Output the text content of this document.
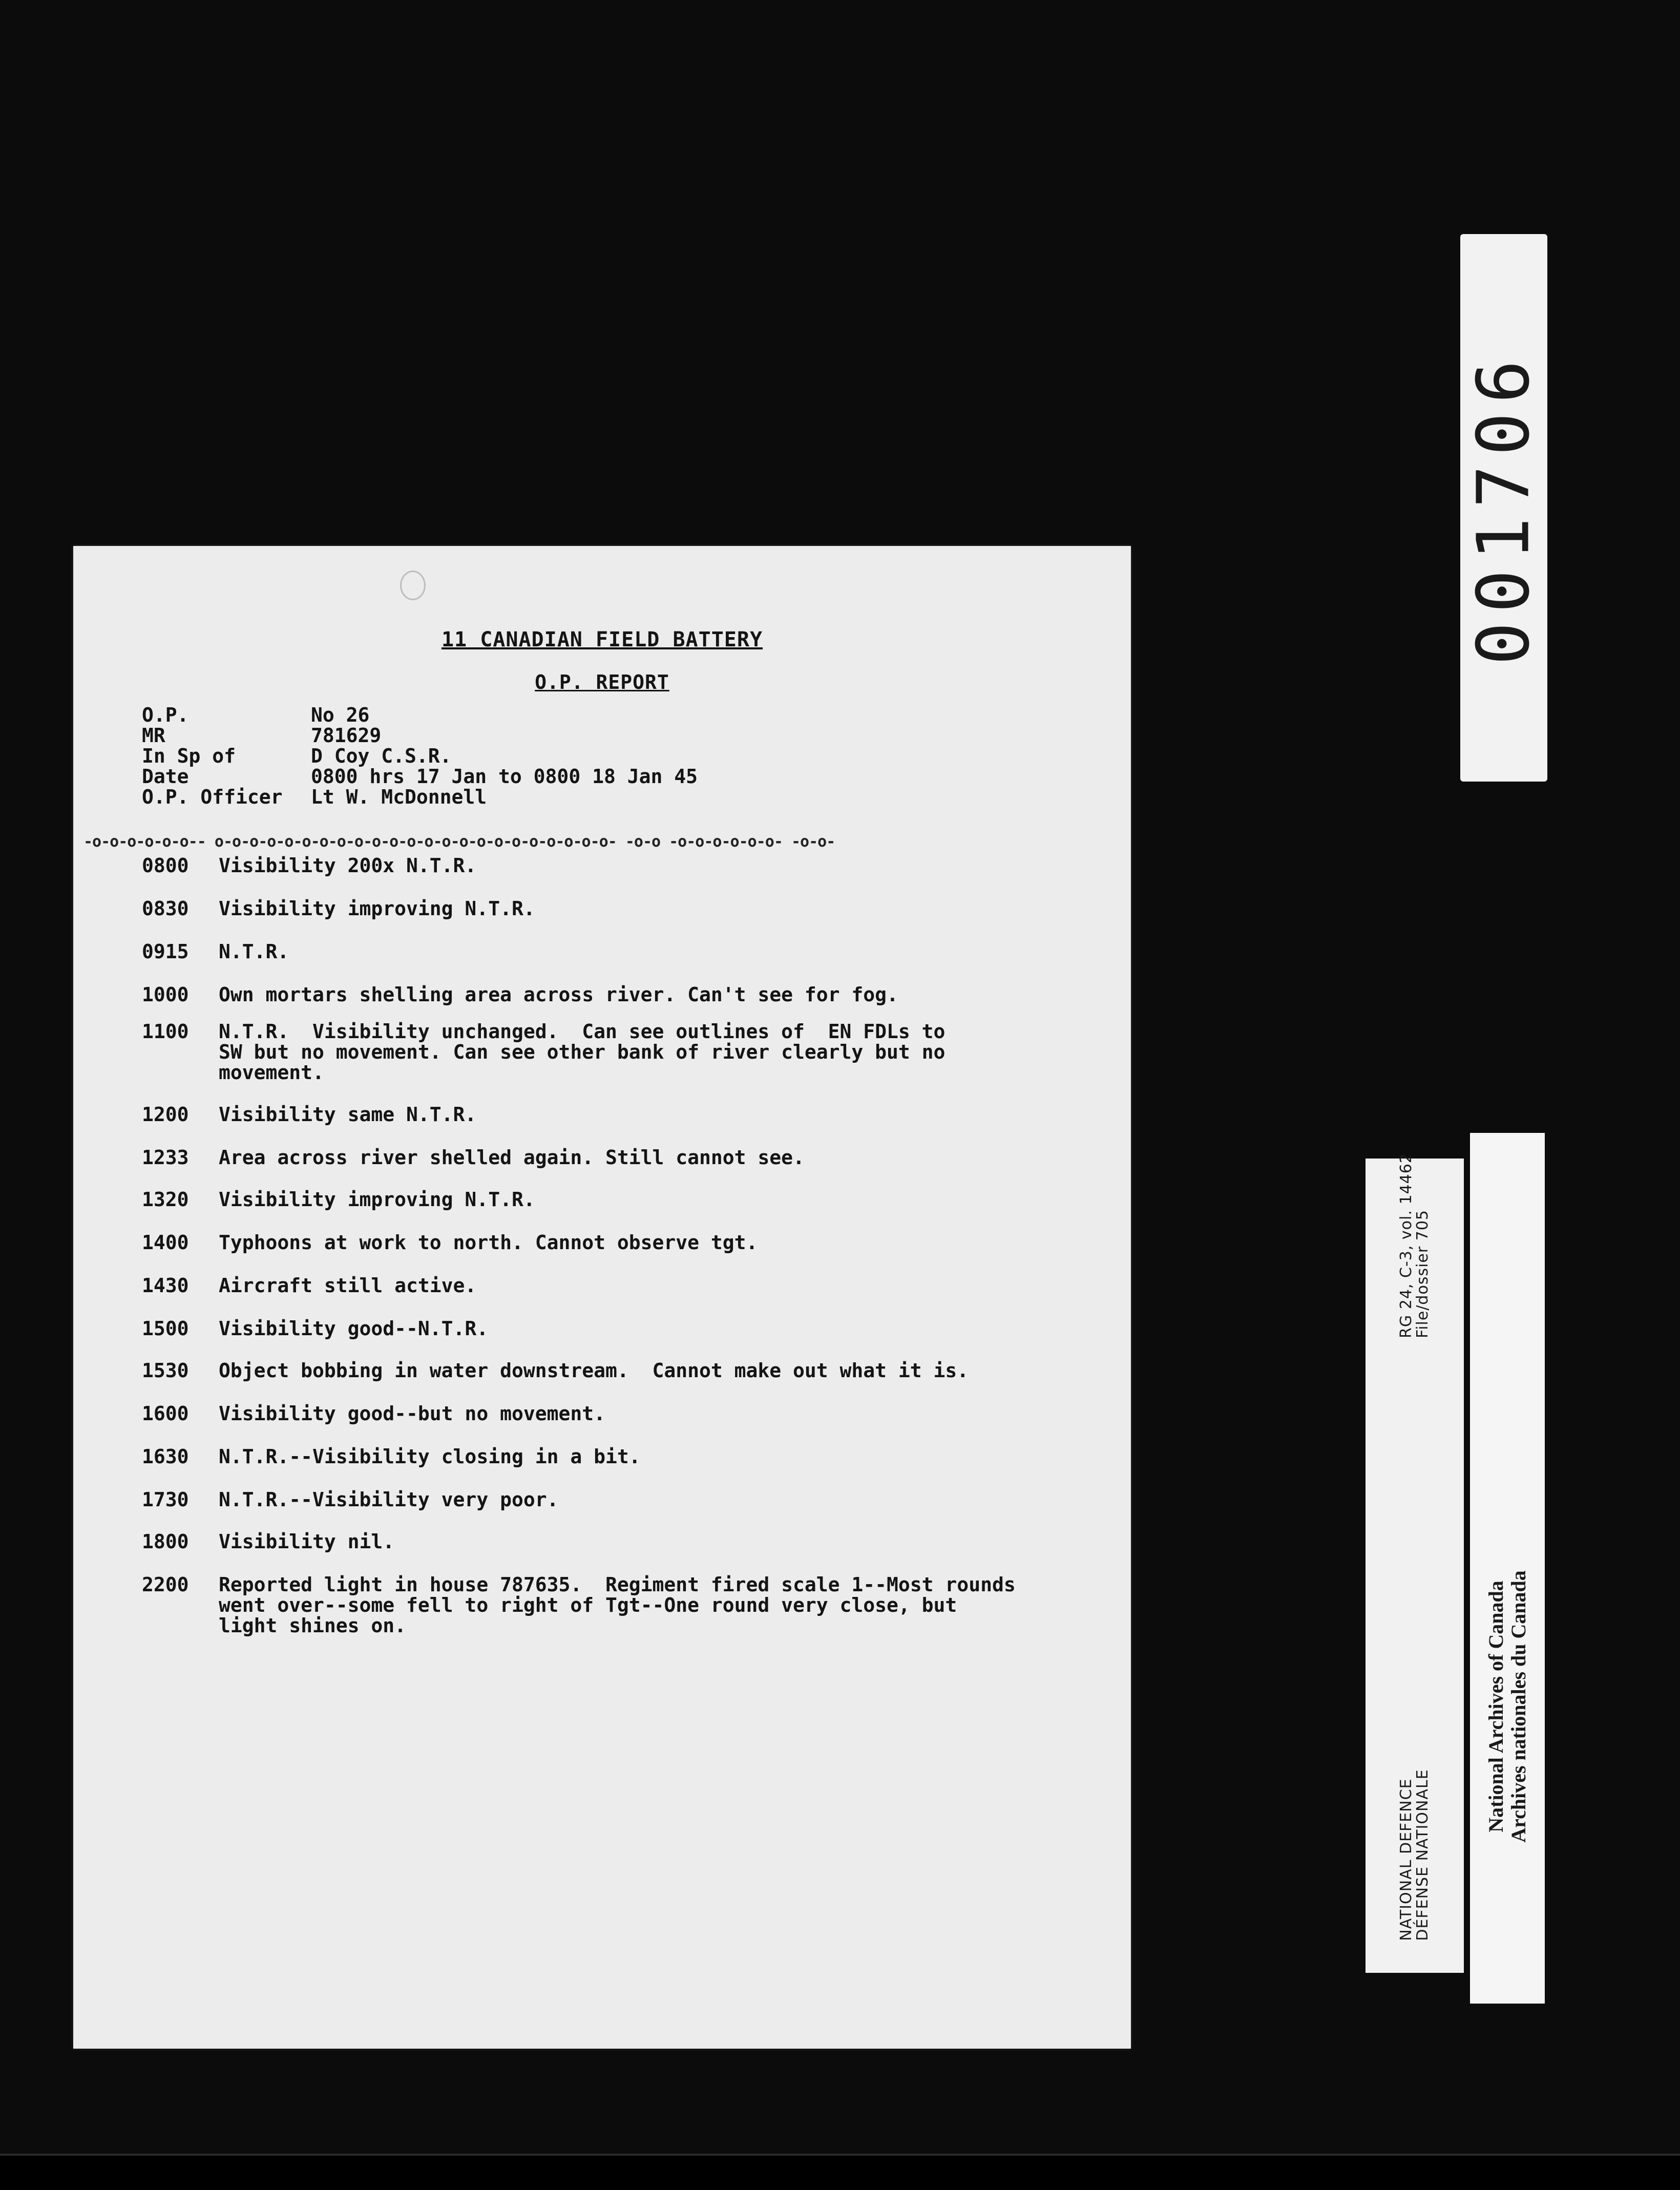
001706
11 CANADIAN FIELD BATTERY
O.P. REPORT
O.P.	No 26
MR	781629
In Sp of	D Coy C.S.R.
Date	0800 hrs 17 Jan to 0800 18 Jan 45
O.P. Officer Lt W. McDonnell
-o-o-o-o-o-o-- o-o-o-o-o-o-o-o-o-o-o-o-o-o-o-o-o-o-o-o-o-o-o- -o-o -o-o-o-o-o-o- -o-o-
0800	Visibility 200x N.T.R.
0830	Visibility improving N.T.R.
0915	N.T.R.
1000	Own mortars shelling area across river. Can't see for fog.
1100	N.T.R.  Visibility unchanged.  Can see outlines of  EN FDLs to
SW but no movement. Can see other bank of river clearly but no
movement.
1200	Visibility same N.T.R.
1233	Area across river shelled again. Still cannot see.
1320	Visibility improving N.T.R.
1400	Typhoons at work to north. Cannot observe tgt.
1430	Aircraft still active.
1500	Visibility good--N.T.R.
1530	Object bobbing in water downstream.  Cannot make out what it is.
1600	Visibility good--but no movement.
1630	N.T.R.--Visibility closing in a bit.
1730	N.T.R.--Visibility very poor.
1800	Visibility nil.
2200	Reported light in house 787635.  Regiment fired scale 1--Most rounds
went over--some fell to right of Tgt--One round very close, but
light shines on.
RG 24, C-3, vol. 14462
File/dossier 705
NATIONAL DEFENCE
DÉFENSE NATIONALE
National Archives of Canada Archives nationales du Canada
